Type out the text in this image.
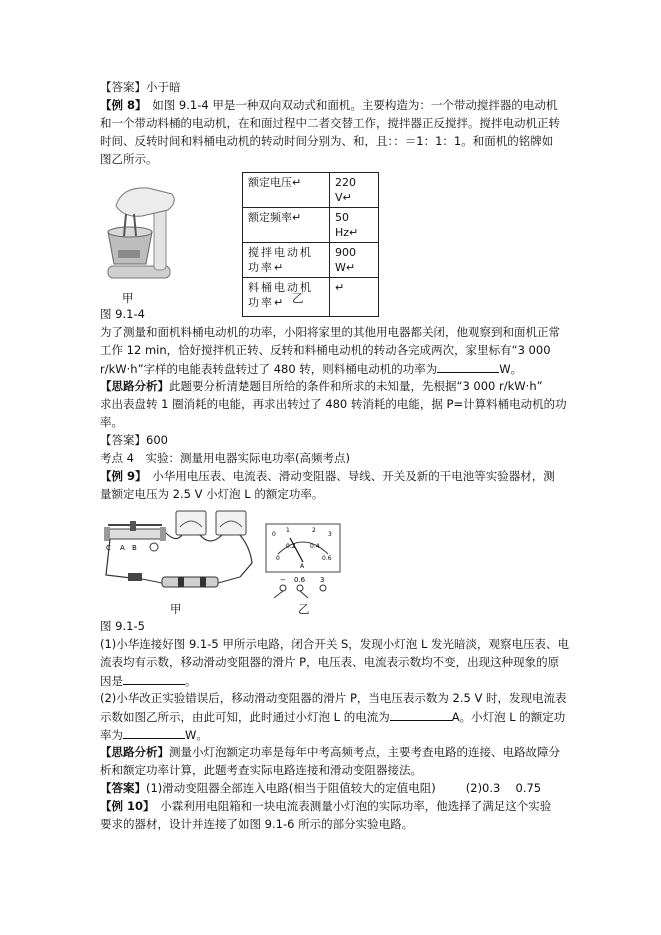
【答案】小于暗
【例 8】　如图 9.1-4 甲是一种双向双动式和面机。主要构造为：一个带动搅拌器的电动机
和一个带动料桶的电动机，在和面过程中二者交替工作，搅拌器正反搅拌。搅拌电动机正转
时间、反转时间和料桶电动机的转动时间分别为、和，且：：＝1：1：1。和面机的铭牌如
图乙所示。
额定电压↵	220 V↵
额定频率↵	50 Hz↵
搅拌电动机功率↵	900 W↵
料桶电动机功率↵	↵
甲	乙
图 9.1-4
为了测量和面机料桶电动机的功率，小阳将家里的其他用电器都关闭，他观察到和面机正常
工作 12 min，恰好搅拌机正转、反转和料桶电动机的转动各完成两次，家里标有“3 000
r/kW·h”字样的电能表转盘转过了 480 转，则料桶电动机的功率为	W。
【思路分析】此题要分析清楚题目所给的条件和所求的未知量，先根据“3 000 r/kW·h”
求出表盘转 1 圈消耗的电能，再求出转过了 480 转消耗的电能，据 P=计算料桶电动机的功
率。
【答案】600
考点 4　实验：测量用电器实际电功率(高频考点)
【例 9】　小华用电压表、电流表、滑动变阻器、导线、开关及新的干电池等实验器材，测
量额定电压为 2.5 V 小灯泡 L 的额定功率。
C A B
0
1	2
3
0
0.2 0.4
0.6
A
− 0.6 3
甲	乙
图 9.1-5
(1)小华连接好图 9.1-5 甲所示电路，闭合开关 S，发现小灯泡 L 发光暗淡，观察电压表、电
流表均有示数，移动滑动变阻器的滑片 P，电压表、电流表示数均不变，出现这种现象的原
因是	。
(2)小华改正实验错误后，移动滑动变阻器的滑片 P，当电压表示数为 2.5 V 时，发现电流表
示数如图乙所示，由此可知，此时通过小灯泡 L 的电流为	A。小灯泡 L 的额定功
率为	W。
【思路分析】测量小灯泡额定功率是每年中考高频考点，主要考查电路的连接、电路故障分
析和额定功率计算，此题考查实际电路连接和滑动变阻器接法。
【答案】(1)滑动变阻器全部连入电路(相当于阻值较大的定值电阻)	(2)0.3　 0.75
【例 10】　小霖利用电阻箱和一块电流表测量小灯泡的实际功率，他选择了满足这个实验
要求的器材，设计并连接了如图 9.1-6 所示的部分实验电路。
